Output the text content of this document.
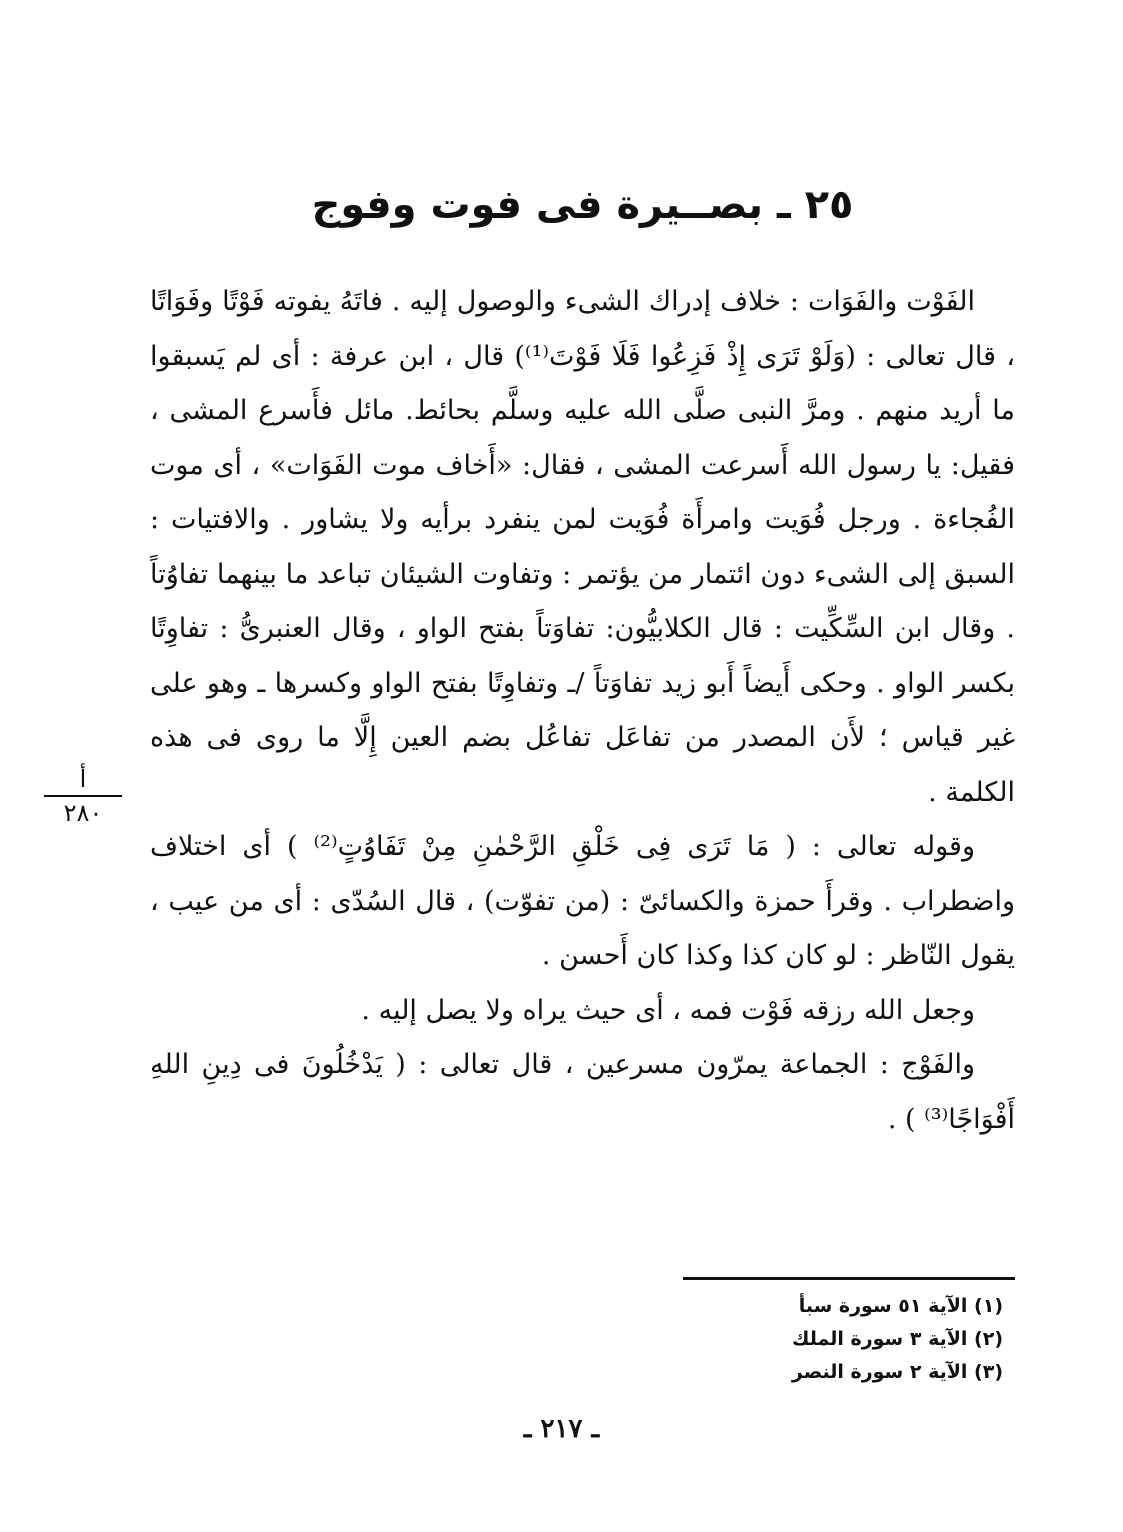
٢٥ ـ بصــيرة فى فوت وفوج

الفَوْت والفَوَات : خلاف إدراك الشىء والوصول إليه . فاتَهُ يفوته فَوْتًا وفَوَاتًا ، قال تعالى : (وَلَوْ تَرَى إِذْ فَزِعُوا فَلَا فَوْتَ⁽¹⁾) قال ، ابن عرفة : أى لم يَسبقوا ما أريد منهم . ومرَّ النبى صلَّى الله عليه وسلَّم بحائط. مائل فأَسرع المشى ، فقيل: يا رسول الله أَسرعت المشى ، فقال: «أَخاف موت الفَوَات» ، أى موت الفُجاءة . ورجل فُوَيت وامرأَة فُوَيت لمن ينفرد برأيه ولا يشاور . والافتيات : السبق إلى الشىء دون ائتمار من يؤتمر : وتفاوت الشيئان تباعد ما بينهما تفاوُتاً . وقال ابن السِّكِّيت : قال الكلابيُّون: تفاوَتاً بفتح الواو ، وقال العنبرىُّ : تفاوِتًا بكسر الواو . وحكى أَيضاً أَبو زيد تفاوَتاً /ـ وتفاوِتًا بفتح الواو وكسرها ـ وهو على غير قياس ؛ لأَن المصدر من تفاعَل تفاعُل بضم العين إِلَّا ما روى فى هذه الكلمة .

وقوله تعالى : ( مَا تَرَى فِى خَلْقِ الرَّحْمٰنِ مِنْ تَفَاوُتٍ⁽²⁾ ) أى اختلاف واضطراب . وقرأَ حمزة والكسائىّ : (من تفوّت) ، قال السُدّى : أى من عيب ، يقول النّاظر : لو كان كذا وكذا كان أَحسن .

وجعل الله رزقه فَوْت فمه ، أى حيث يراه ولا يصل إليه .

والفَوْج : الجماعة يمرّون مسرعين ، قال تعالى : ( يَدْخُلُونَ فى دِينِ اللهِ أَفْوَاجًا⁽³⁾ ) .

أ
٢٨٠
(١) الآية ٥١ سورة سبأ
(٢) الآية ٣ سورة الملك
(٣) الآية ٢ سورة النصر
ـ ٢١٧ ـ
